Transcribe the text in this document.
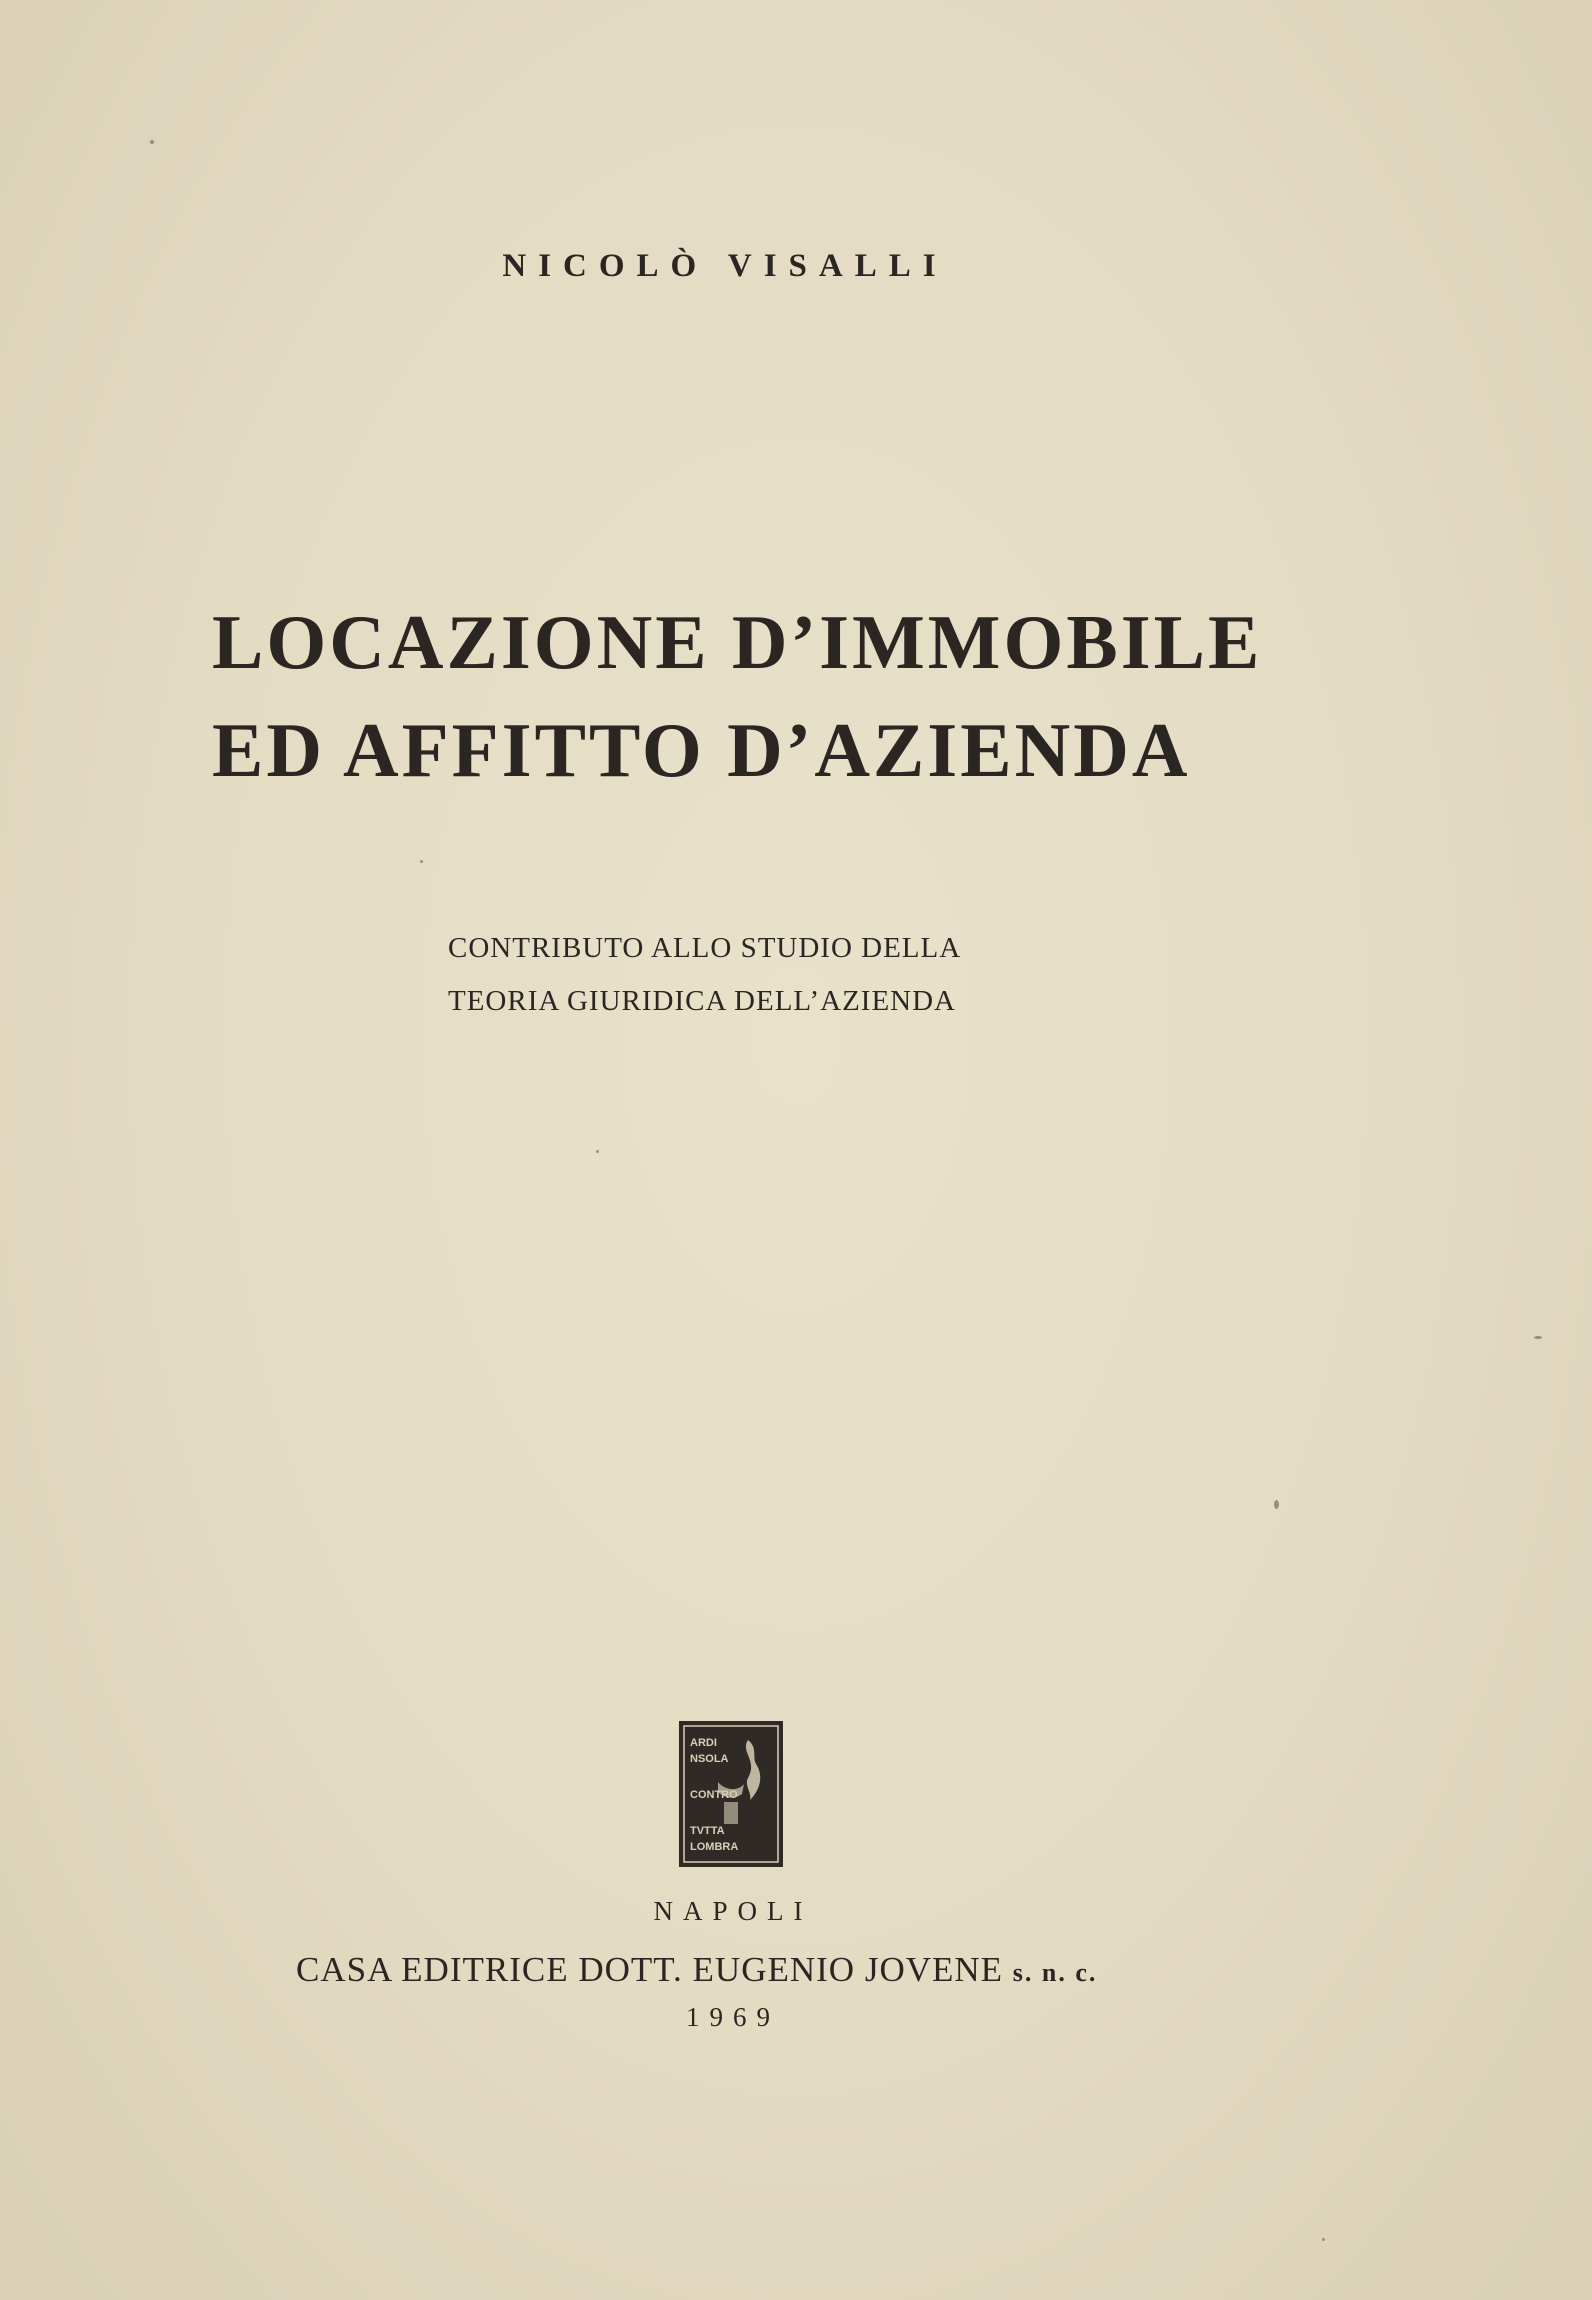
NICOLÒ VISALLI
LOCAZIONE D’IMMOBILE
ED AFFITTO D’AZIENDA
CONTRIBUTO ALLO STUDIO DELLA
TEORIA GIURIDICA DELL’AZIENDA
ARDI
NSOLA
CONTRO
TVTTA
LOMBRA
NAPOLI
CASA EDITRICE DOTT. EUGENIO JOVENE s. n. c.
1969
